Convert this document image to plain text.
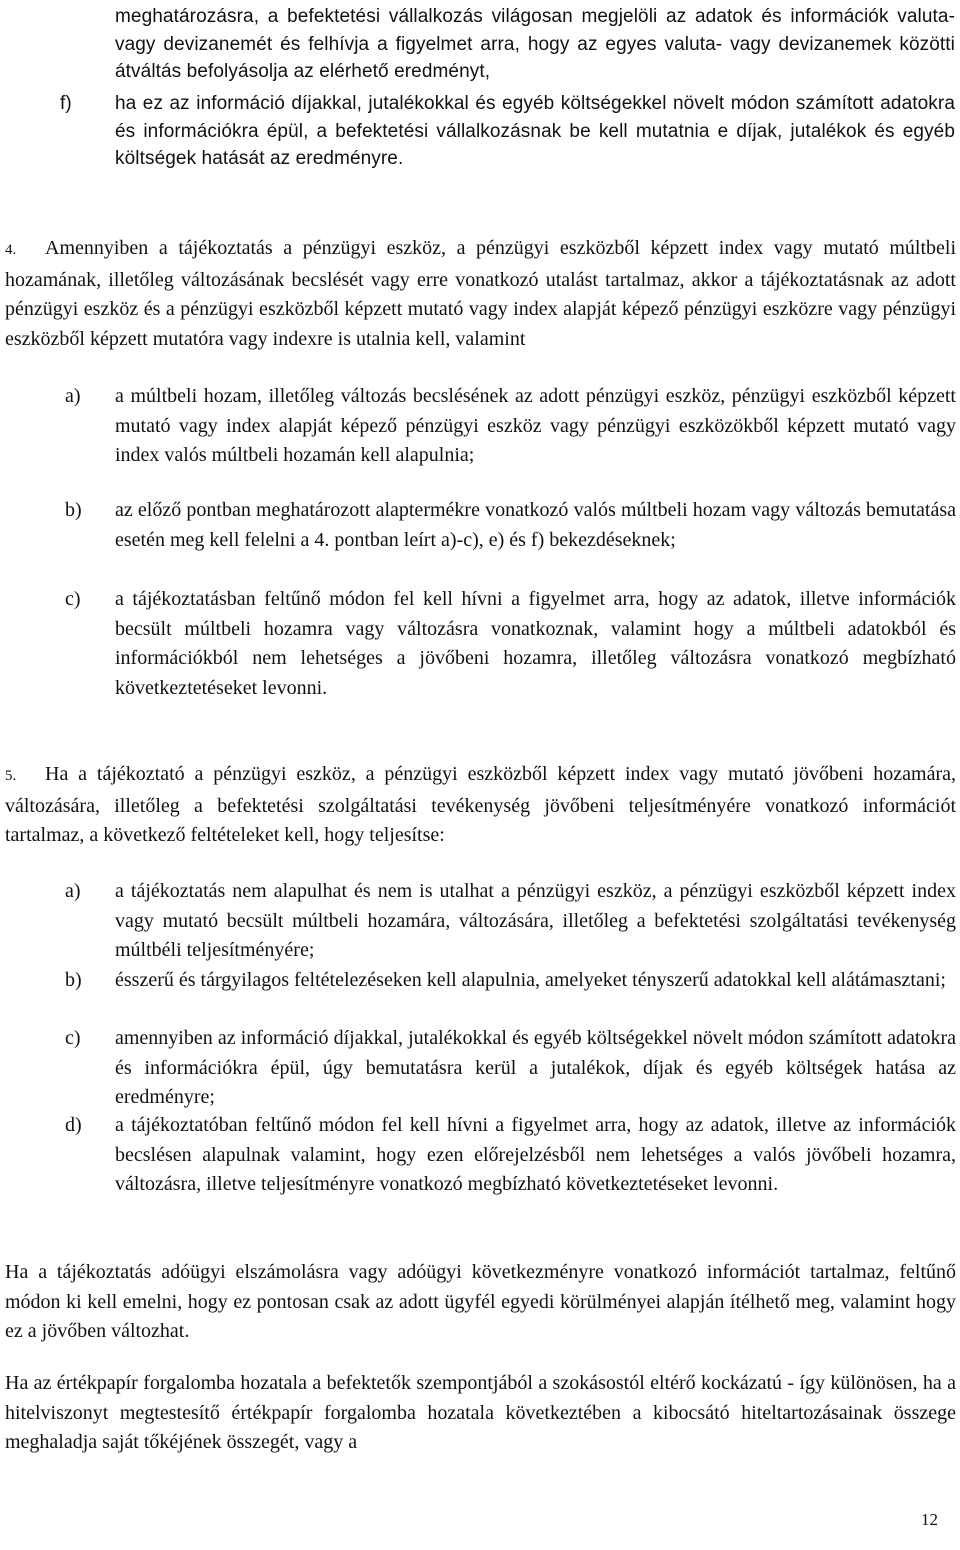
meghatározásra, a befektetési vállalkozás világosan megjelöli az adatok és információk valuta- vagy devizanemét és felhívja a figyelmet arra, hogy az egyes valuta- vagy devizanemek közötti átváltás befolyásolja az elérhető eredményt,
f)	ha ez az információ díjakkal, jutalékokkal és egyéb költségekkel növelt módon számított adatokra és információkra épül, a befektetési vállalkozásnak be kell mutatnia e díjak, jutalékok és egyéb költségek hatását az eredményre.
4. Amennyiben a tájékoztatás a pénzügyi eszköz, a pénzügyi eszközből képzett index vagy mutató múltbeli hozamának, illetőleg változásának becslését vagy erre vonatkozó utalást tartalmaz, akkor a tájékoztatásnak az adott pénzügyi eszköz és a pénzügyi eszközből képzett mutató vagy index alapját képező pénzügyi eszközre vagy pénzügyi eszközből képzett mutatóra vagy indexre is utalnia kell, valamint
a)	a múltbeli hozam, illetőleg változás becslésének az adott pénzügyi eszköz, pénzügyi eszközből képzett mutató vagy index alapját képező pénzügyi eszköz vagy pénzügyi eszközökből képzett mutató vagy index valós múltbeli hozamán kell alapulnia;
b)	az előző pontban meghatározott alaptermékre vonatkozó valós múltbeli hozam vagy változás bemutatása esetén meg kell felelni a 4. pontban leírt a)-c), e) és f) bekezdéseknek;
c)	a tájékoztatásban feltűnő módon fel kell hívni a figyelmet arra, hogy az adatok, illetve információk becsült múltbeli hozamra vagy változásra vonatkoznak, valamint hogy a múltbeli adatokból és információkból nem lehetséges a jövőbeni hozamra, illetőleg változásra vonatkozó megbízható következtetéseket levonni.
5. Ha a tájékoztató a pénzügyi eszköz, a pénzügyi eszközből képzett index vagy mutató jövőbeni hozamára, változására, illetőleg a befektetési szolgáltatási tevékenység jövőbeni teljesítményére vonatkozó információt tartalmaz, a következő feltételeket kell, hogy teljesítse:
a)	a tájékoztatás nem alapulhat és nem is utalhat a pénzügyi eszköz, a pénzügyi eszközből képzett index vagy mutató becsült múltbeli hozamára, változására, illetőleg a befektetési szolgáltatási tevékenység múltbéli teljesítményére;
b)	ésszerű és tárgyilagos feltételezéseken kell alapulnia, amelyeket tényszerű adatokkal kell alátámasztani;
c)	amennyiben az információ díjakkal, jutalékokkal és egyéb költségekkel növelt módon számított adatokra és információkra épül, úgy bemutatásra kerül a jutalékok, díjak és egyéb költségek hatása az eredményre;
d)	a tájékoztatóban feltűnő módon fel kell hívni a figyelmet arra, hogy az adatok, illetve az információk becslésen alapulnak valamint, hogy ezen előrejelzésből nem lehetséges a valós jövőbeli hozamra, változásra, illetve teljesítményre vonatkozó megbízható következtetéseket levonni.
Ha a tájékoztatás adóügyi elszámolásra vagy adóügyi következményre vonatkozó információt tartalmaz, feltűnő módon ki kell emelni, hogy ez pontosan csak az adott ügyfél egyedi körülményei alapján ítélhető meg, valamint hogy ez a jövőben változhat.
Ha az értékpapír forgalomba hozatala a befektetők szempontjából a szokásostól eltérő kockázatú - így különösen, ha a hitelviszonyt megtestesítő értékpapír forgalomba hozatala következtében a kibocsátó hiteltartozásainak összege meghaladja saját tőkéjének összegét, vagy a
12
